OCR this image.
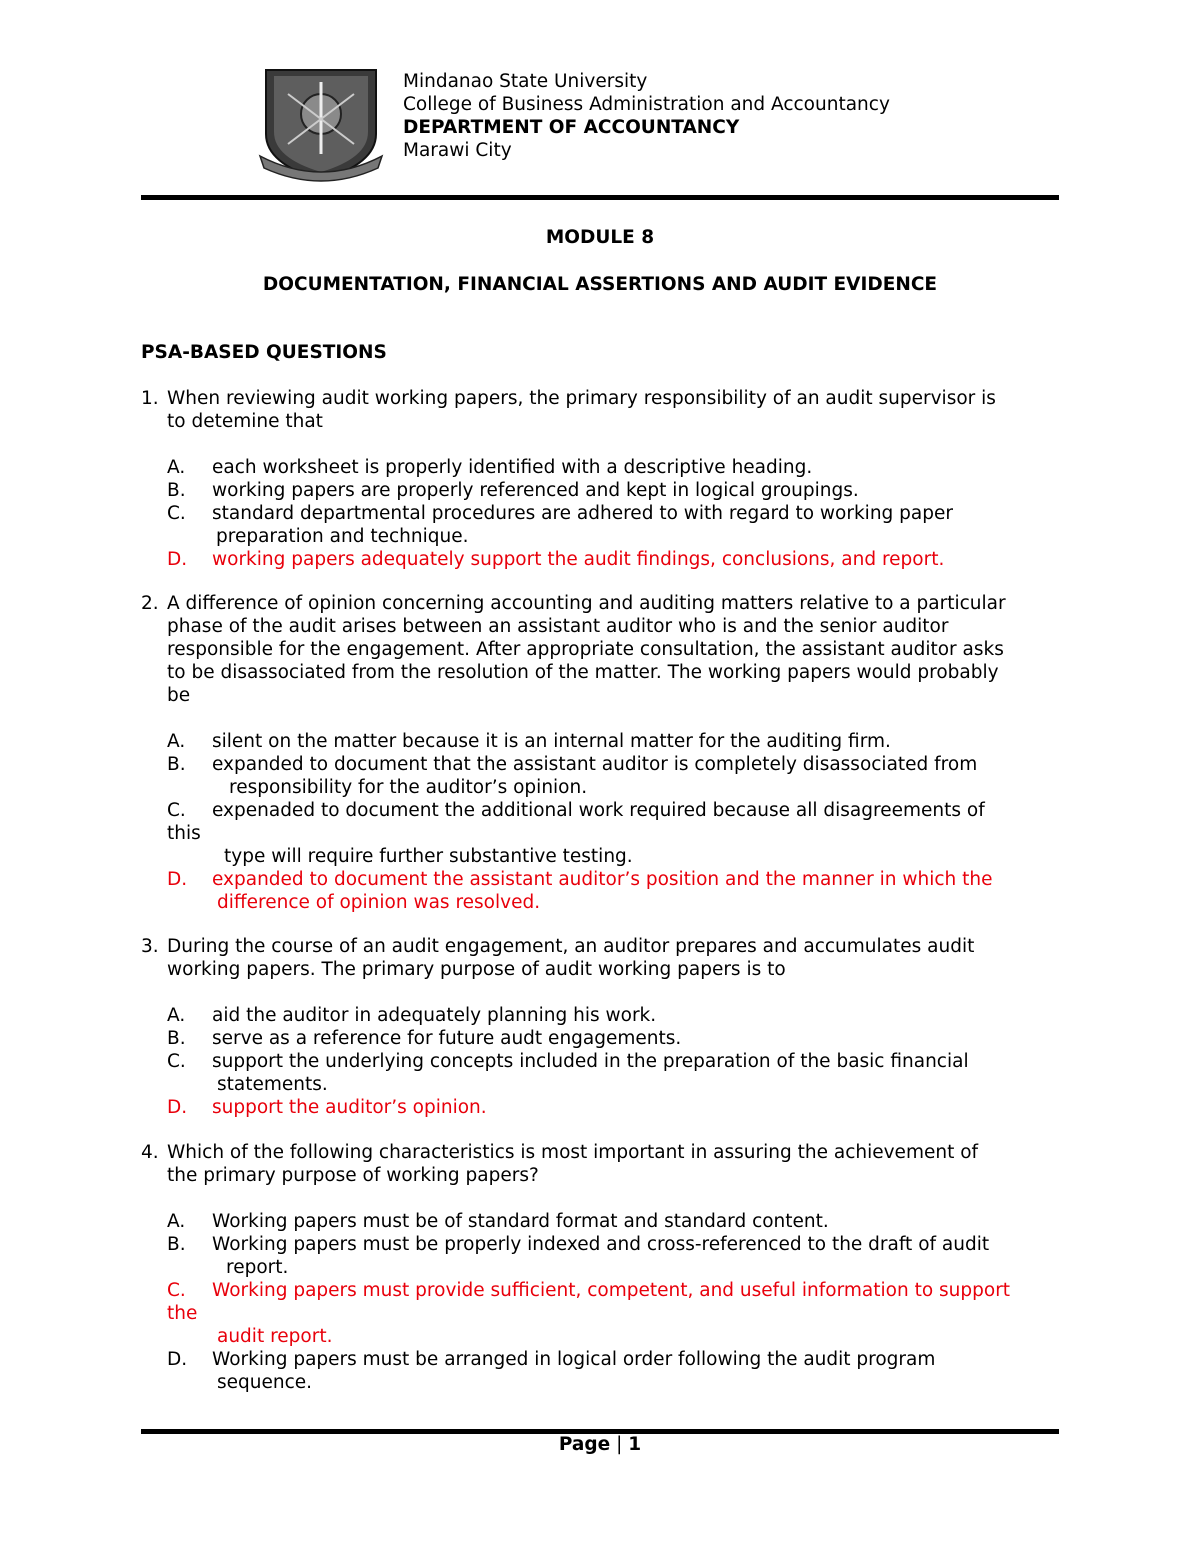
Mindanao State University
College of Business Administration and Accountancy
DEPARTMENT OF ACCOUNTANCY
Marawi City
MODULE 8
DOCUMENTATION, FINANCIAL ASSERTIONS AND AUDIT EVIDENCE
PSA-BASED QUESTIONS
1. When reviewing audit working papers, the primary responsibility of an audit supervisor is
to detemine that
A. each worksheet is properly identified with a descriptive heading.
B. working papers are properly referenced and kept in logical groupings.
C. standard departmental procedures are adhered to with regard to working paper
preparation and technique.
D. working papers adequately support the audit findings, conclusions, and report.
2. A difference of opinion concerning accounting and auditing matters relative to a particular
phase of the audit arises between an assistant auditor who is and the senior auditor
responsible for the engagement. After appropriate consultation, the assistant auditor asks
to be disassociated from the resolution of the matter. The working papers would probably
be
A. silent on the matter because it is an internal matter for the auditing firm.
B. expanded to document that the assistant auditor is completely disassociated from
responsibility for the auditor’s opinion.
C. expenaded to document the additional work required because all disagreements of
this
type will require further substantive testing.
D. expanded to document the assistant auditor’s position and the manner in which the
difference of opinion was resolved.
3. During the course of an audit engagement, an auditor prepares and accumulates audit
working papers. The primary purpose of audit working papers is to
A. aid the auditor in adequately planning his work.
B. serve as a reference for future audt engagements.
C. support the underlying concepts included in the preparation of the basic financial
statements.
D. support the auditor’s opinion.
4. Which of the following characteristics is most important in assuring the achievement of
the primary purpose of working papers?
A. Working papers must be of standard format and standard content.
B. Working papers must be properly indexed and cross-referenced to the draft of audit
report.
C. Working papers must provide sufficient, competent, and useful information to support
the
audit report.
D. Working papers must be arranged in logical order following the audit program
sequence.
Page | 1
